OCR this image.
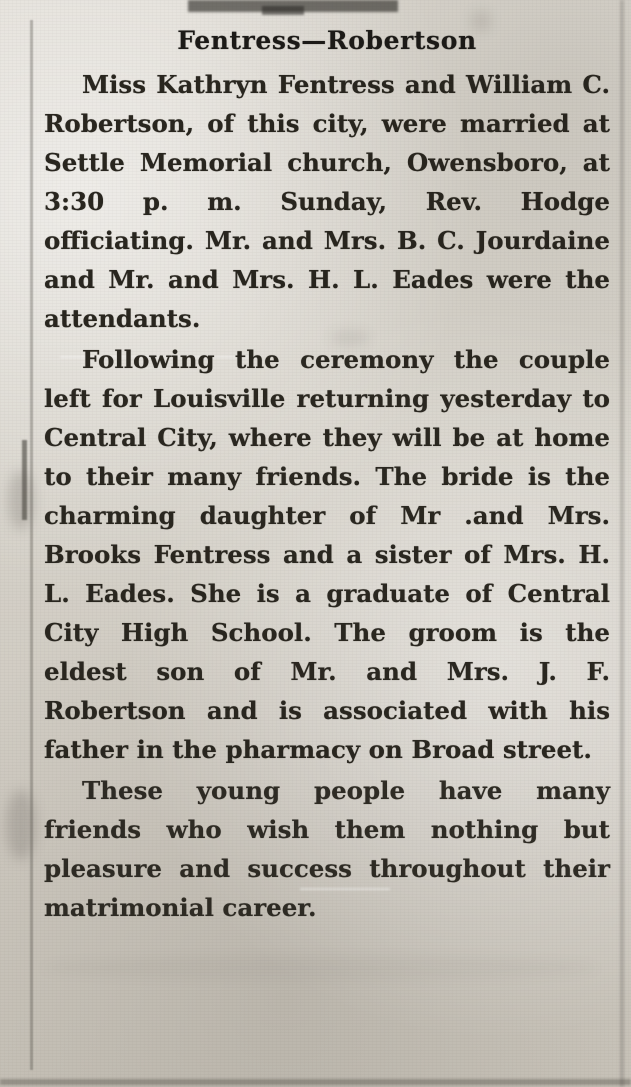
Fentress—Robertson

Miss Kathryn Fentress and William C. Robertson, of this city, were married at Settle Memorial church, Owensboro, at 3:30 p. m. Sunday, Rev. Hodge officiating. Mr. and Mrs. B. C. Jourdaine and Mr. and Mrs. H. L. Eades were the attendants.

Following the ceremony the couple left for Louisville returning yesterday to Central City, where they will be at home to their many friends. The bride is the charming daughter of Mr .and Mrs. Brooks Fentress and a sister of Mrs. H. L. Eades. She is a graduate of Central City High School. The groom is the eldest son of Mr. and Mrs. J. F. Robertson and is associated with his father in the pharmacy on Broad street.

These young people have many friends who wish them nothing but pleasure and success throughout their matrimonial career.
